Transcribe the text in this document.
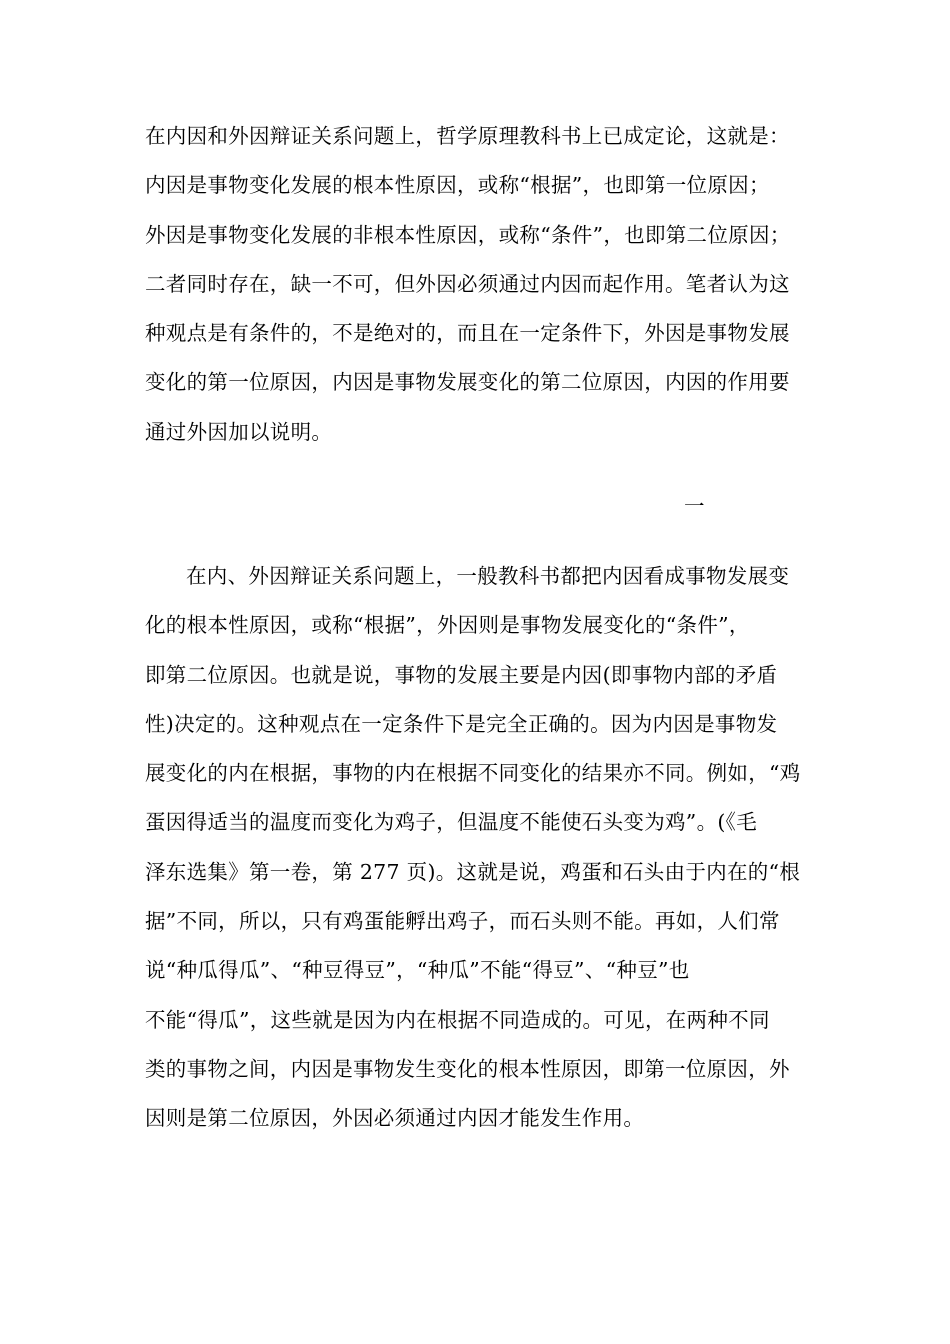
在内因和外因辩证关系问题上，哲学原理教科书上已成定论，这就是：
内因是事物变化发展的根本性原因，或称“根据”，也即第一位原因；
外因是事物变化发展的非根本性原因，或称“条件”，也即第二位原因；
二者同时存在，缺一不可，但外因必须通过内因而起作用。笔者认为这
种观点是有条件的，不是绝对的，而且在一定条件下，外因是事物发展
变化的第一位原因，内因是事物发展变化的第二位原因，内因的作用要
通过外因加以说明。
一
在内、外因辩证关系问题上，一般教科书都把内因看成事物发展变
化的根本性原因，或称“根据”，外因则是事物发展变化的“条件”，
即第二位原因。也就是说，事物的发展主要是内因(即事物内部的矛盾
性)决定的。这种观点在一定条件下是完全正确的。因为内因是事物发
展变化的内在根据，事物的内在根据不同变化的结果亦不同。例如，“鸡
蛋因得适当的温度而变化为鸡子，但温度不能使石头变为鸡”。(《毛
泽东选集》第一卷，第 277 页)。这就是说，鸡蛋和石头由于内在的“根
据”不同，所以，只有鸡蛋能孵出鸡子，而石头则不能。再如，人们常
说“种瓜得瓜”、“种豆得豆”，“种瓜”不能“得豆”、“种豆”也
不能“得瓜”，这些就是因为内在根据不同造成的。可见，在两种不同
类的事物之间，内因是事物发生变化的根本性原因，即第一位原因，外
因则是第二位原因，外因必须通过内因才能发生作用。
